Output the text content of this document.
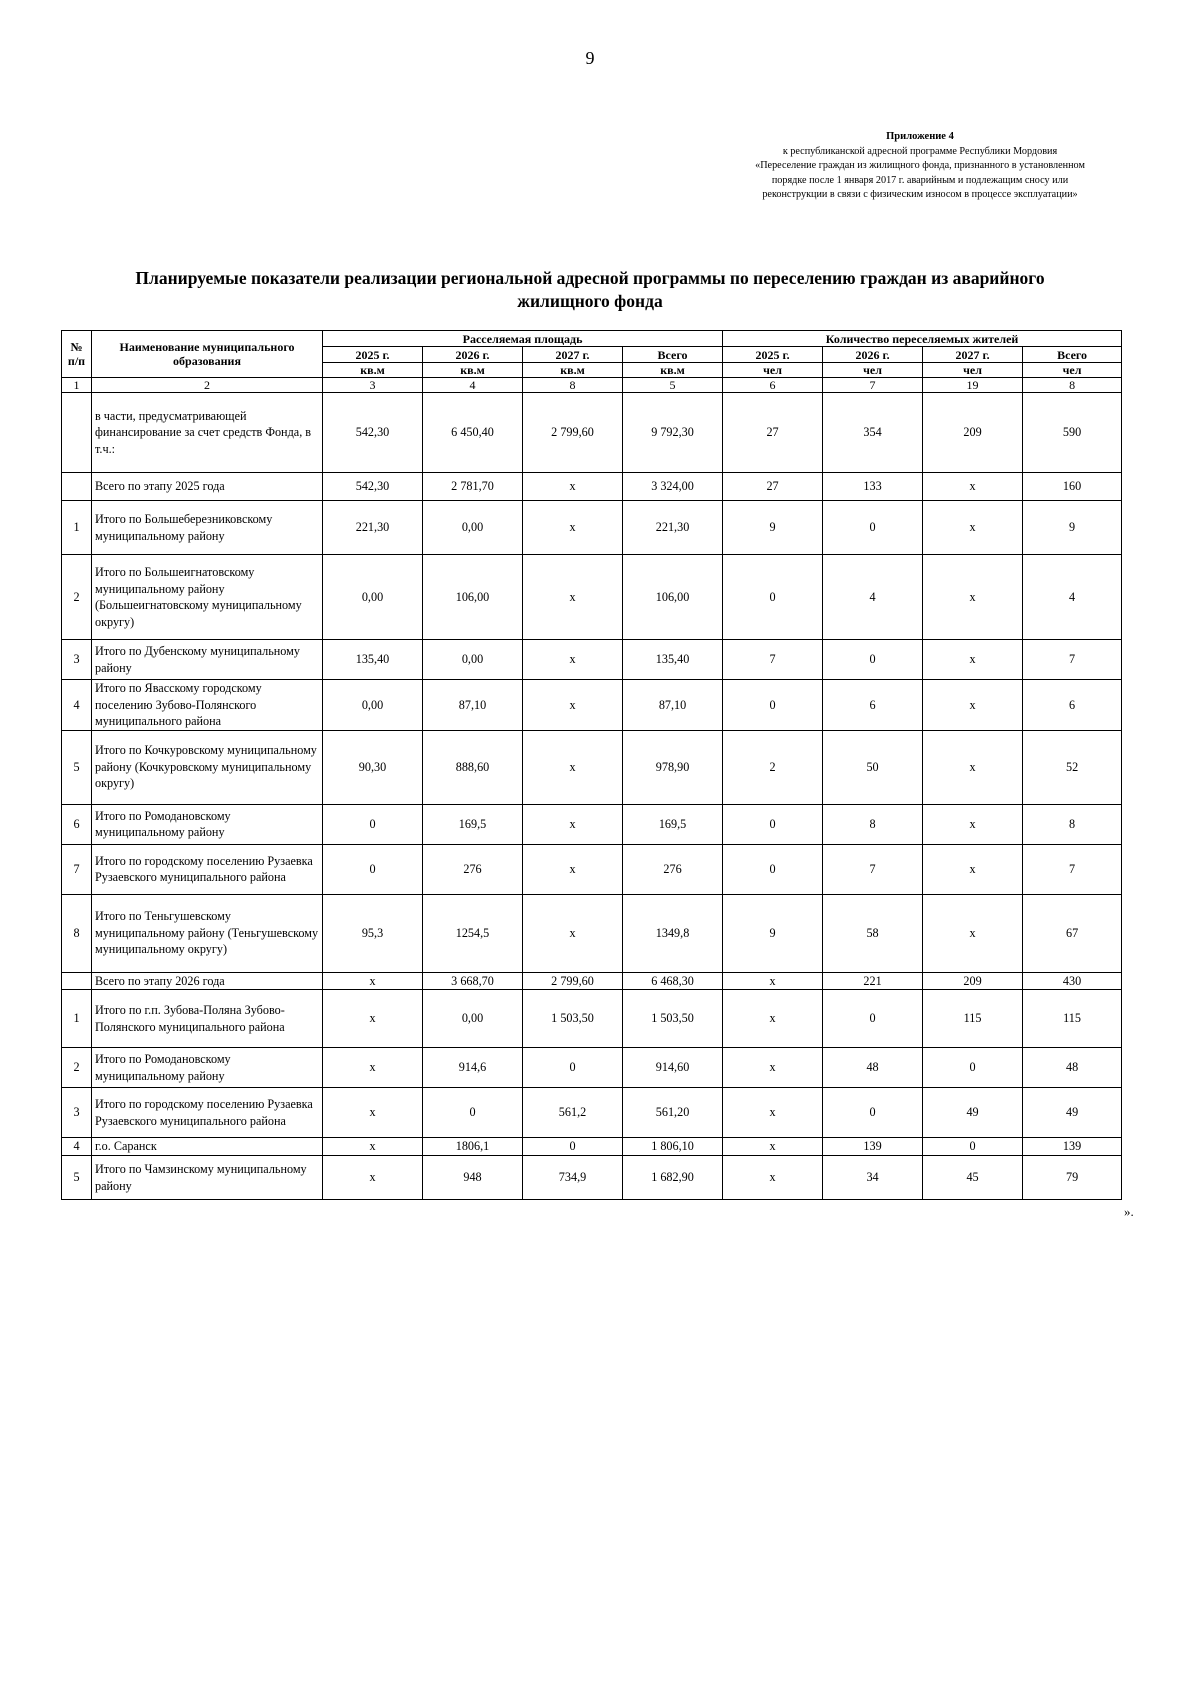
9
Приложение 4
к республиканской адресной программе Республики Мордовия
«Переселение граждан из жилищного фонда, признанного в установленном
порядке после 1 января 2017 г. аварийным и подлежащим сносу или
реконструкции в связи с физическим износом в процессе эксплуатации»
Планируемые показатели реализации региональной адресной программы по переселению граждан из аварийного
жилищного фонда
№ п/п	Наименование муниципального образования	Расселяемая площадь				Количество переселяемых жителей			
		2025 г.	2026 г.	2027 г.	Всего	2025 г.	2026 г.	2027 г.	Всего
		кв.м	кв.м	кв.м	кв.м	чел	чел	чел	чел
1	2	3	4	8	5	6	7	19	8
	в части, предусматривающей финансирование за счет средств Фонда, в т.ч.:	542,30	6 450,40	2 799,60	9 792,30	27	354	209	590
	Всего по этапу 2025 года	542,30	2 781,70	х	3 324,00	27	133	х	160
1	Итого по Большеберезниковскому муниципальному району	221,30	0,00	х	221,30	9	0	х	9
2	Итого по Большеигнатовскому муниципальному району (Большеигнатовскому муниципальному округу)	0,00	106,00	х	106,00	0	4	х	4
3	Итого по Дубенскому муниципальному району	135,40	0,00	х	135,40	7	0	х	7
4	Итого по Явасскому городскому поселению Зубово-Полянского муниципального района	0,00	87,10	х	87,10	0	6	х	6
5	Итого по Кочкуровскому муниципальному району (Кочкуровскому муниципальному округу)	90,30	888,60	х	978,90	2	50	х	52
6	Итого по Ромодановскому муниципальному району	0	169,5	х	169,5	0	8	х	8
7	Итого по городскому поселению Рузаевка Рузаевского муниципального района	0	276	х	276	0	7	х	7
8	Итого по Теньгушевскому муниципальному району (Теньгушевскому муниципальному округу)	95,3	1254,5	х	1349,8	9	58	х	67
	Всего по этапу 2026 года	х	3 668,70	2 799,60	6 468,30	х	221	209	430
1	Итого по г.п. Зубова-Поляна Зубово-Полянского муниципального района	х	0,00	1 503,50	1 503,50	х	0	115	115
2	Итого по Ромодановскому муниципальному району	х	914,6	0	914,60	х	48	0	48
3	Итого по городскому поселению Рузаевка Рузаевского муниципального района	х	0	561,2	561,20	х	0	49	49
4	г.о. Саранск	х	1806,1	0	1 806,10	х	139	0	139
5	Итого по Чамзинскому муниципальному району	х	948	734,9	1 682,90	х	34	45	79
».
